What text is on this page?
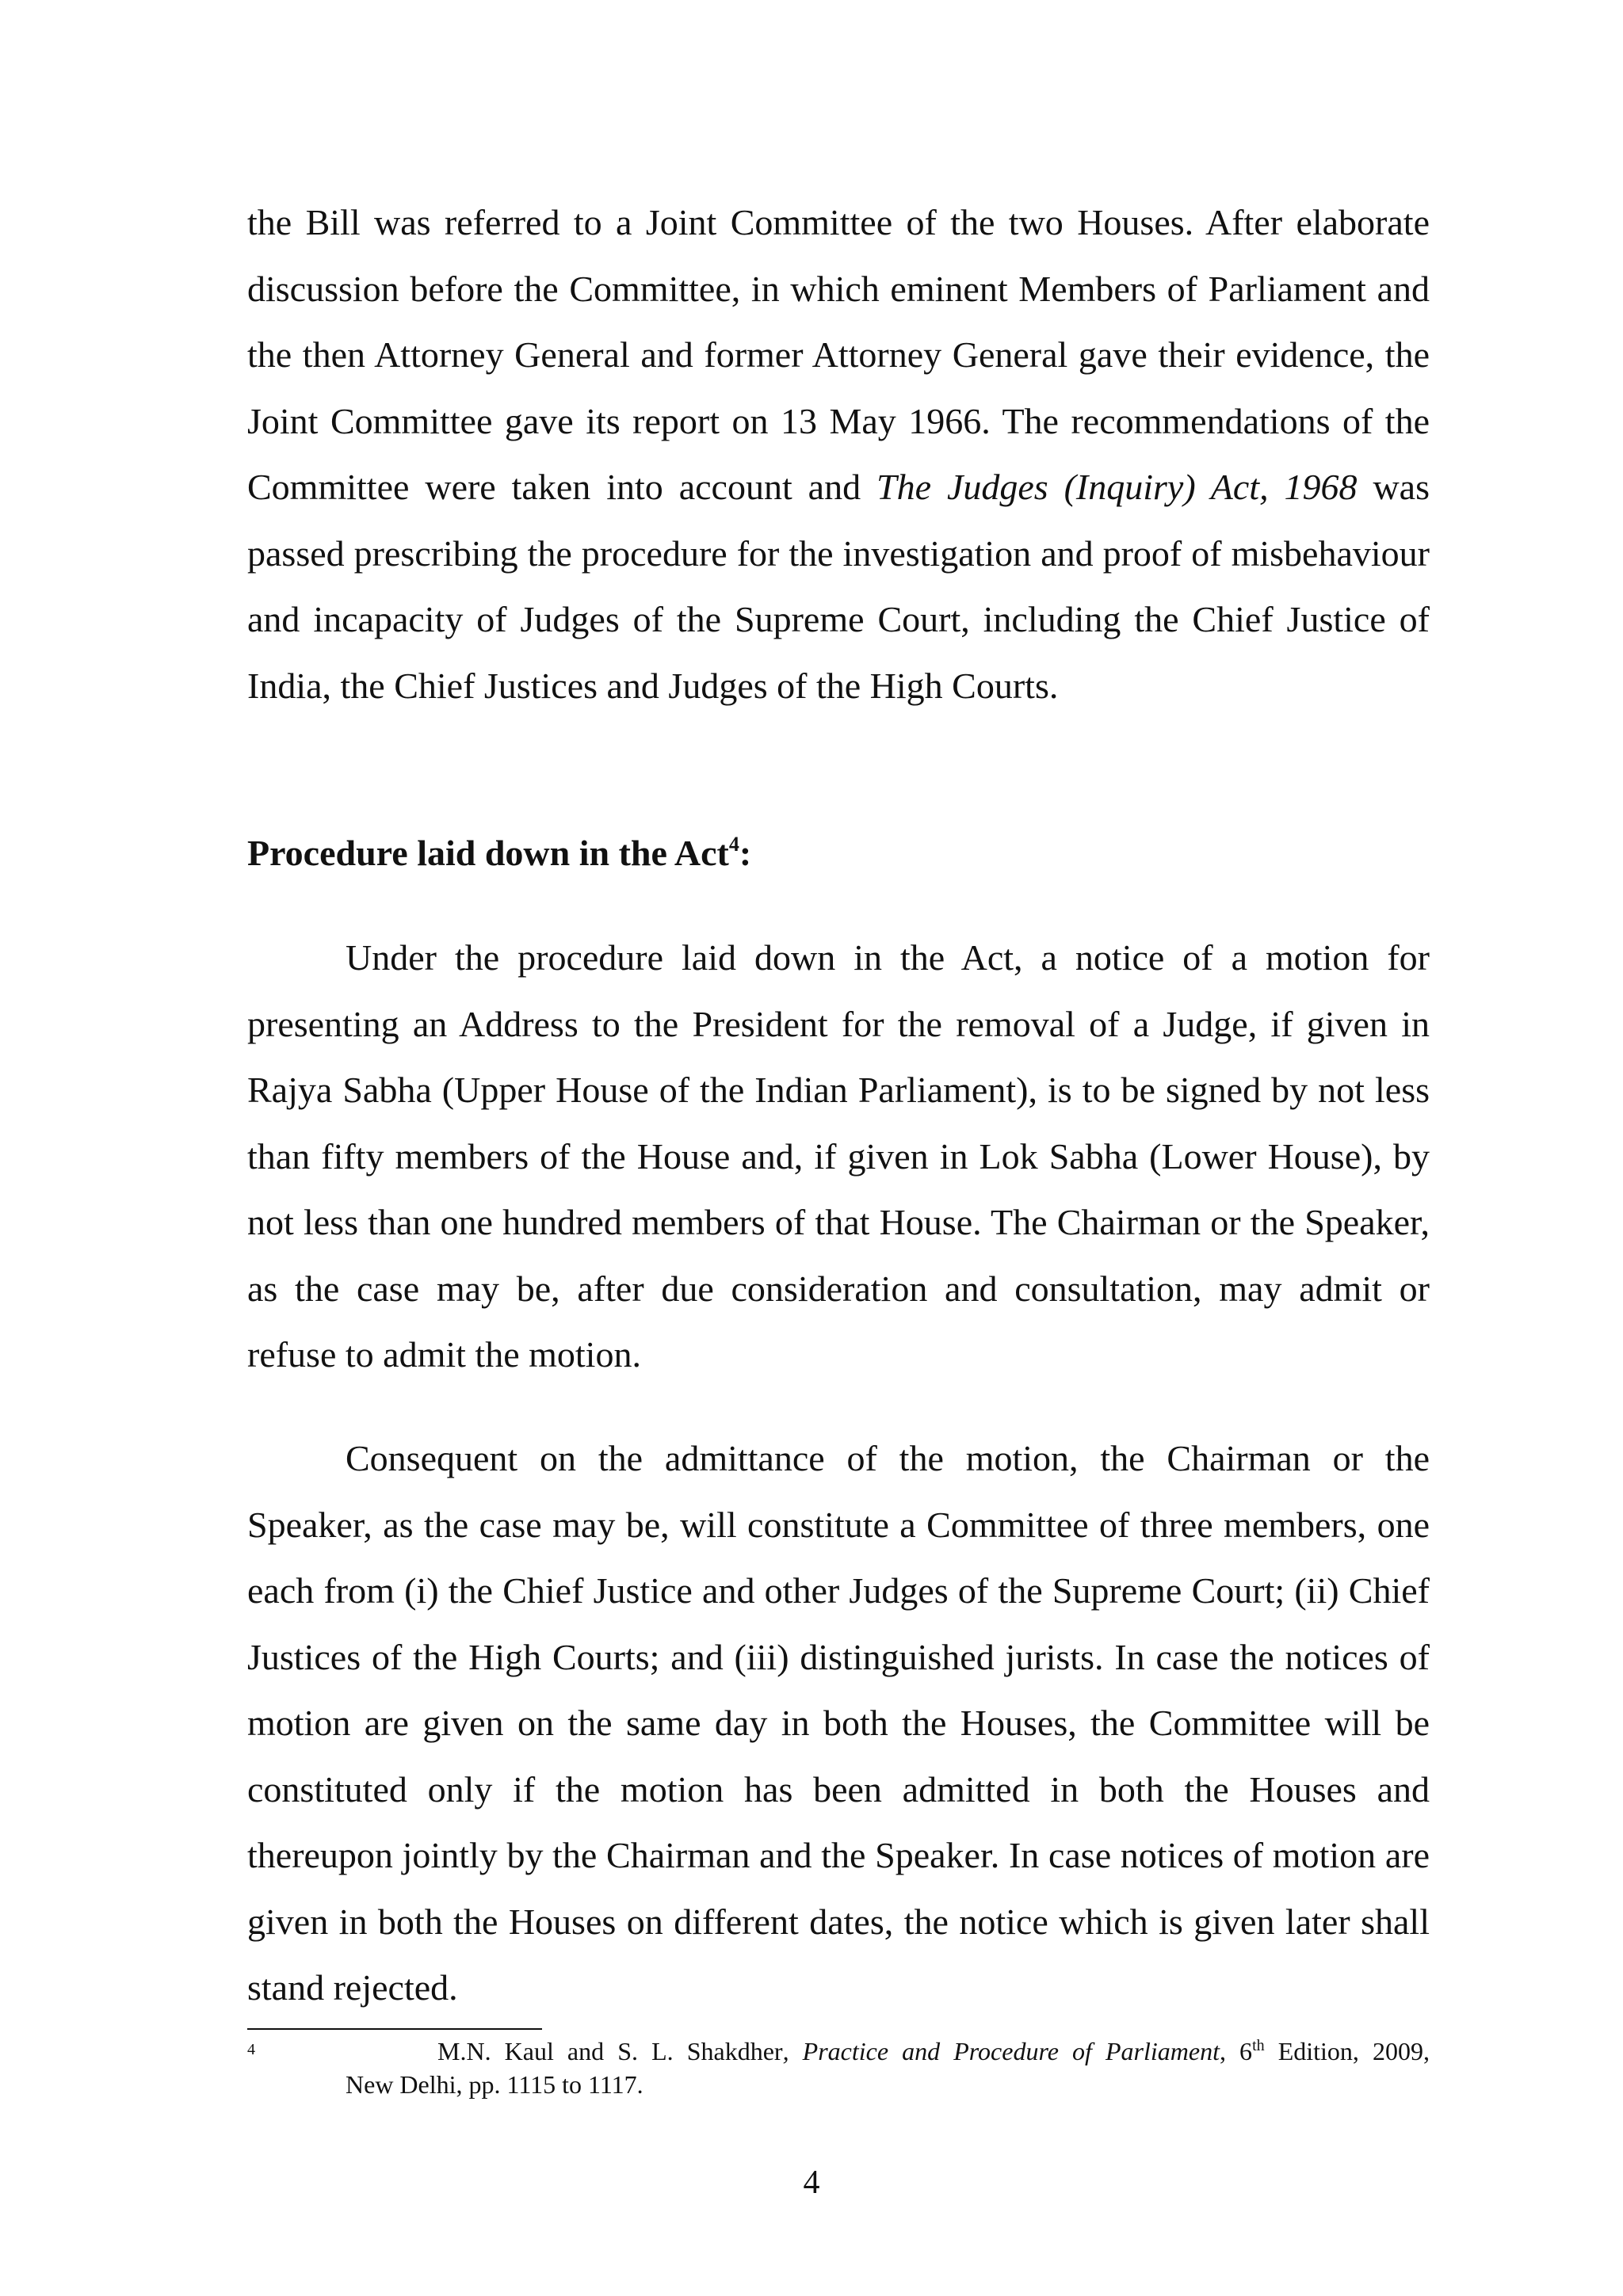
the Bill was referred to a Joint Committee of the two Houses. After elaborate discussion before the Committee, in which eminent Members of Parliament and the then Attorney General and former Attorney General gave their evidence, the Joint Committee gave its report on 13 May 1966. The recommendations of the Committee were taken into account and The Judges (Inquiry) Act, 1968 was passed prescribing the procedure for the investigation and proof of misbehaviour and incapacity of Judges of the Supreme Court, including the Chief Justice of India, the Chief Justices and Judges of the High Courts.

Procedure laid down in the Act$^4$:

Under the procedure laid down in the Act, a notice of a motion for presenting an Address to the President for the removal of a Judge, if given in Rajya Sabha (Upper House of the Indian Parliament), is to be signed by not less than fifty members of the House and, if given in Lok Sabha (Lower House), by not less than one hundred members of that House. The Chairman or the Speaker, as the case may be, after due consideration and consultation, may admit or refuse to admit the motion.

Consequent on the admittance of the motion, the Chairman or the Speaker, as the case may be, will constitute a Committee of three members, one each from (i) the Chief Justice and other Judges of the Supreme Court; (ii) Chief Justices of the High Courts; and (iii) distinguished jurists. In case the notices of motion are given on the same day in both the Houses, the Committee will be constituted only if the motion has been admitted in both the Houses and thereupon jointly by the Chairman and the Speaker. In case notices of motion are given in both the Houses on different dates, the notice which is given later shall stand rejected.

4	M.N. Kaul and S. L. Shakdher, Practice and Procedure of Parliament, 6th Edition, 2009,
New Delhi, pp. 1115 to 1117.

4
